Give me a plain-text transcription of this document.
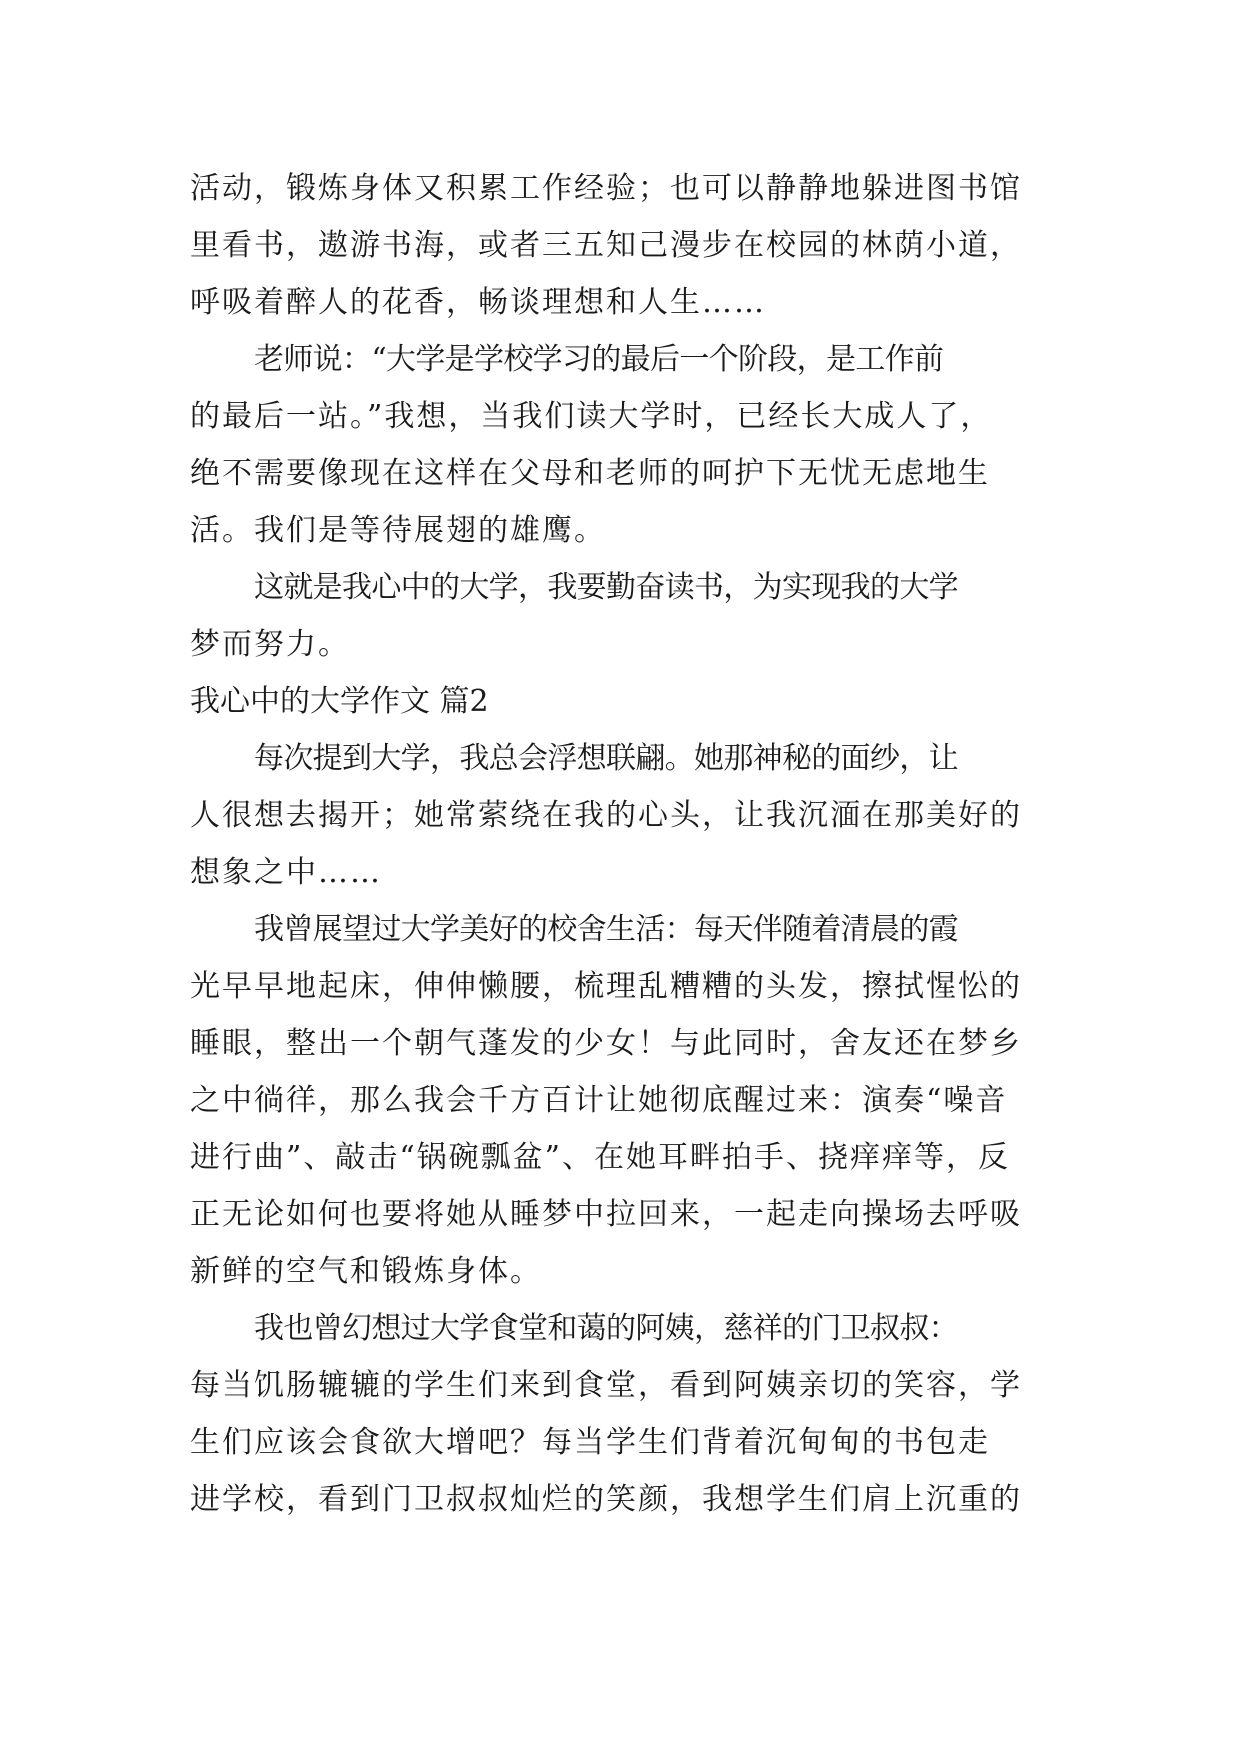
活动，锻炼身体又积累工作经验；也可以静静地躲进图书馆
里看书，遨游书海，或者三五知己漫步在校园的林荫小道，
呼吸着醉人的花香，畅谈理想和人生……
老师说：“大学是学校学习的最后一个阶段，是工作前
的最后一站。”我想，当我们读大学时，已经长大成人了，
绝不需要像现在这样在父母和老师的呵护下无忧无虑地生
活。我们是等待展翅的雄鹰。
这就是我心中的大学，我要勤奋读书，为实现我的大学
梦而努力。
我心中的大学作文 篇2
每次提到大学，我总会浮想联翩。她那神秘的面纱，让
人很想去揭开；她常萦绕在我的心头，让我沉湎在那美好的
想象之中……
我曾展望过大学美好的校舍生活：每天伴随着清晨的霞
光早早地起床，伸伸懒腰，梳理乱糟糟的头发，擦拭惺忪的
睡眼，整出一个朝气蓬发的少女！与此同时，舍友还在梦乡
之中徜徉，那么我会千方百计让她彻底醒过来：演奏“噪音
进行曲”、敲击“锅碗瓢盆”、在她耳畔拍手、挠痒痒等，反
正无论如何也要将她从睡梦中拉回来，一起走向操场去呼吸
新鲜的空气和锻炼身体。
我也曾幻想过大学食堂和蔼的阿姨，慈祥的门卫叔叔：
每当饥肠辘辘的学生们来到食堂，看到阿姨亲切的笑容，学
生们应该会食欲大增吧？每当学生们背着沉甸甸的书包走
进学校，看到门卫叔叔灿烂的笑颜，我想学生们肩上沉重的
